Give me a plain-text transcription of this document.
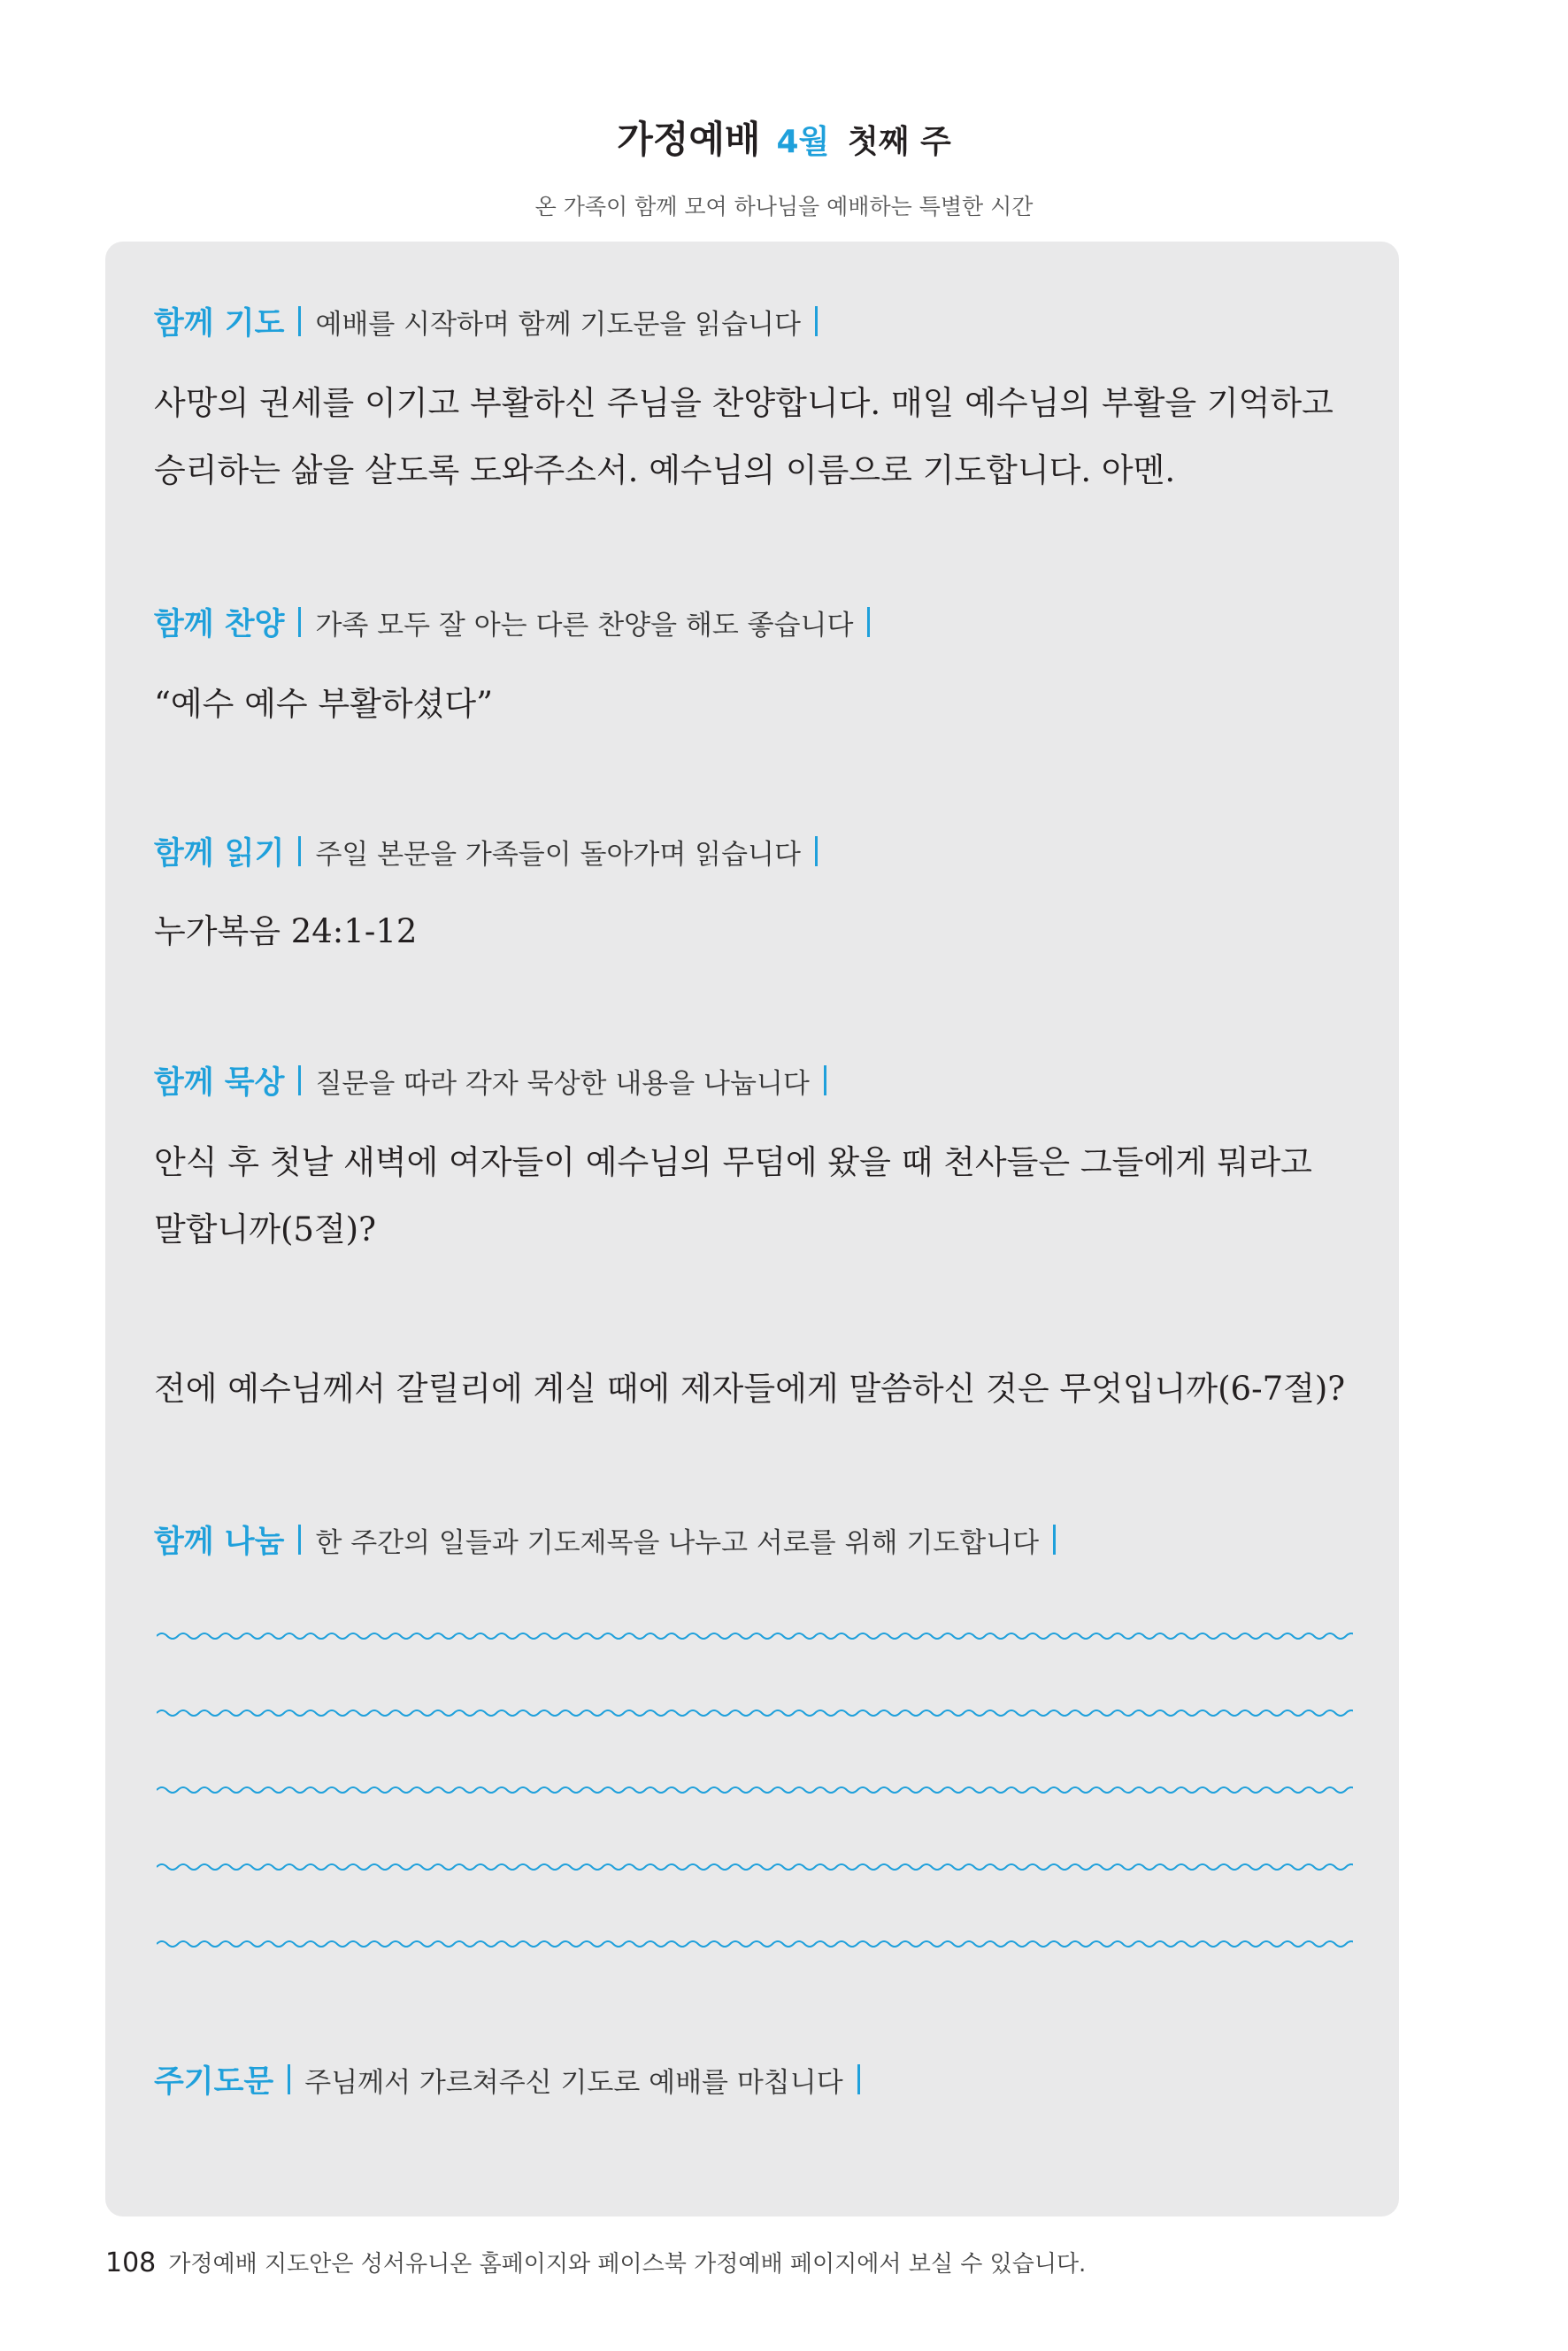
가정예배 4월 첫째 주
온 가족이 함께 모여 하나님을 예배하는 특별한 시간
함께 기도 예배를 시작하며 함께 기도문을 읽습니다
사망의 권세를 이기고 부활하신 주님을 찬양합니다. 매일 예수님의 부활을 기억하고 승리하는 삶을 살도록 도와주소서. 예수님의 이름으로 기도합니다. 아멘.
함께 찬양 가족 모두 잘 아는 다른 찬양을 해도 좋습니다
“예수 예수 부활하셨다”
함께 읽기 주일 본문을 가족들이 돌아가며 읽습니다
누가복음 24:1-12
함께 묵상 질문을 따라 각자 묵상한 내용을 나눕니다
안식 후 첫날 새벽에 여자들이 예수님의 무덤에 왔을 때 천사들은 그들에게 뭐라고 말합니까(5절)?
전에 예수님께서 갈릴리에 계실 때에 제자들에게 말씀하신 것은 무엇입니까(6-7절)?
함께 나눔 한 주간의 일들과 기도제목을 나누고 서로를 위해 기도합니다
주기도문 주님께서 가르쳐주신 기도로 예배를 마칩니다
108 가정예배 지도안은 성서유니온 홈페이지와 페이스북 가정예배 페이지에서 보실 수 있습니다.
